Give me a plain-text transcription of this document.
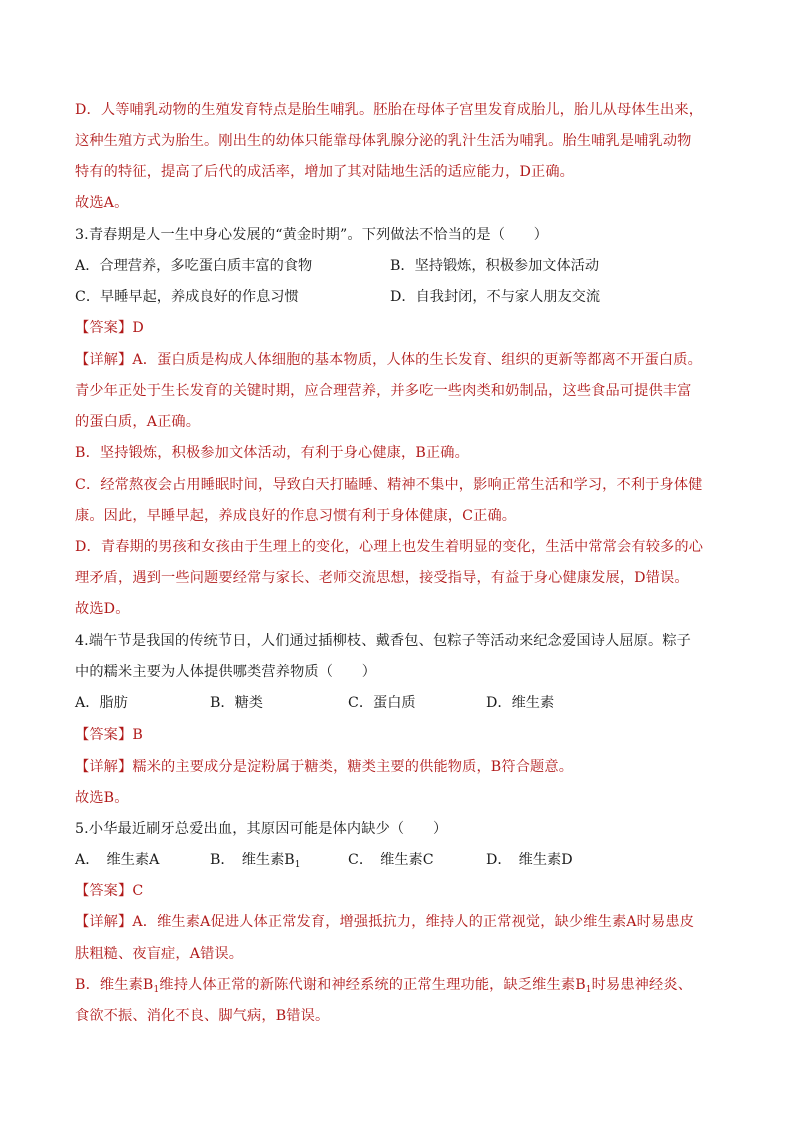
D．人等哺乳动物的生殖发育特点是胎生哺乳。胚胎在母体子宫里发育成胎儿，胎儿从母体生出来，
这种生殖方式为胎生。刚出生的幼体只能靠母体乳腺分泌的乳汁生活为哺乳。胎生哺乳是哺乳动物
特有的特征，提高了后代的成活率，增加了其对陆地生活的适应能力，D正确。
故选A。
3.青春期是人一生中身心发展的“黄金时期”。下列做法不恰当的是（　　）
A．合理营养，多吃蛋白质丰富的食物	B．坚持锻炼，积极参加文体活动
C．早睡早起，养成良好的作息习惯	D．自我封闭，不与家人朋友交流
【答案】D
【详解】A．蛋白质是构成人体细胞的基本物质，人体的生长发育、组织的更新等都离不开蛋白质。
青少年正处于生长发育的关键时期，应合理营养，并多吃一些肉类和奶制品，这些食品可提供丰富
的蛋白质，A正确。
B．坚持锻炼，积极参加文体活动，有利于身心健康，B正确。
C．经常熬夜会占用睡眠时间，导致白天打瞌睡、精神不集中，影响正常生活和学习，不利于身体健
康。因此，早睡早起，养成良好的作息习惯有利于身体健康，C正确。
D．青春期的男孩和女孩由于生理上的变化，心理上也发生着明显的变化，生活中常常会有较多的心
理矛盾，遇到一些问题要经常与家长、老师交流思想，接受指导，有益于身心健康发展，D错误。
故选D。
4.端午节是我国的传统节日，人们通过插柳枝、戴香包、包粽子等活动来纪念爱国诗人屈原。粽子
中的糯米主要为人体提供哪类营养物质（　　）
A．脂肪	B．糖类	C．蛋白质	D．维生素
【答案】B
【详解】糯米的主要成分是淀粉属于糖类，糖类主要的供能物质，B符合题意。
故选B。
5.小华最近刷牙总爱出血，其原因可能是体内缺少（　　）
A．　维生素A	B．　维生素$B_1$	C．　维生素C	D．　维生素D
【答案】C
【详解】A．维生素A促进人体正常发育，增强抵抗力，维持人的正常视觉，缺少维生素A时易患皮
肤粗糙、夜盲症，A错误。
B．维生素$B_1$维持人体正常的新陈代谢和神经系统的正常生理功能，缺乏维生素$B_1$时易患神经炎、
食欲不振、消化不良、脚气病，B错误。
